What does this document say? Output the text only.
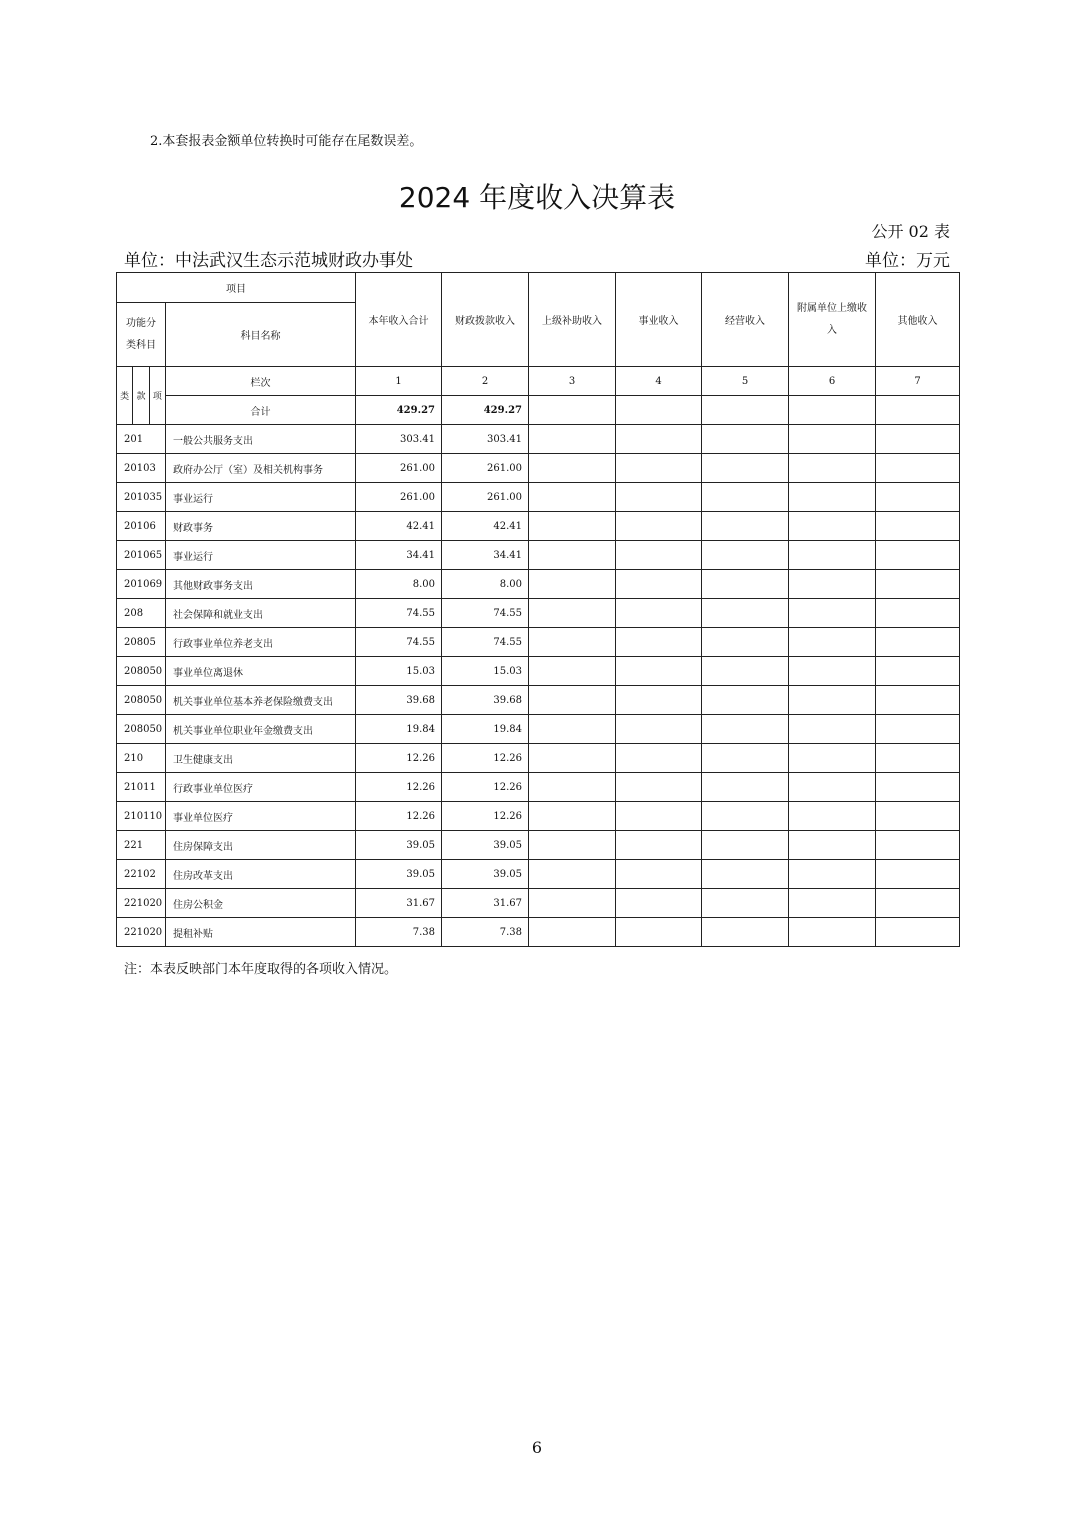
2.本套报表金额单位转换时可能存在尾数误差。
2024 年度收入决算表
公开 02 表
单位：中法武汉生态示范城财政办事处	单位：万元
项目		本年收入合计	财政拨款收入	上级补助收入	事业收入	经营收入	附属单位上缴收入	其他收入
功能分类科目	科目名称							

类 款 项	栏次	1	2	3	4	5	6	7
	合计	429.27	429.27					
201	一般公共服务支出	303.41	303.41					
20103	政府办公厅（室）及相关机构事务	261.00	261.00					
201035	事业运行	261.00	261.00					
20106	财政事务	42.41	42.41					
201065	事业运行	34.41	34.41					
201069	其他财政事务支出	8.00	8.00					
208	社会保障和就业支出	74.55	74.55					
20805	行政事业单位养老支出	74.55	74.55					
208050	事业单位离退休	15.03	15.03					
208050	机关事业单位基本养老保险缴费支出	39.68	39.68					
208050	机关事业单位职业年金缴费支出	19.84	19.84					
210	卫生健康支出	12.26	12.26					
21011	行政事业单位医疗	12.26	12.26					
210110	事业单位医疗	12.26	12.26					
221	住房保障支出	39.05	39.05					
22102	住房改革支出	39.05	39.05					
221020	住房公积金	31.67	31.67					
221020	提租补贴	7.38	7.38					
注：本表反映部门本年度取得的各项收入情况。
6
